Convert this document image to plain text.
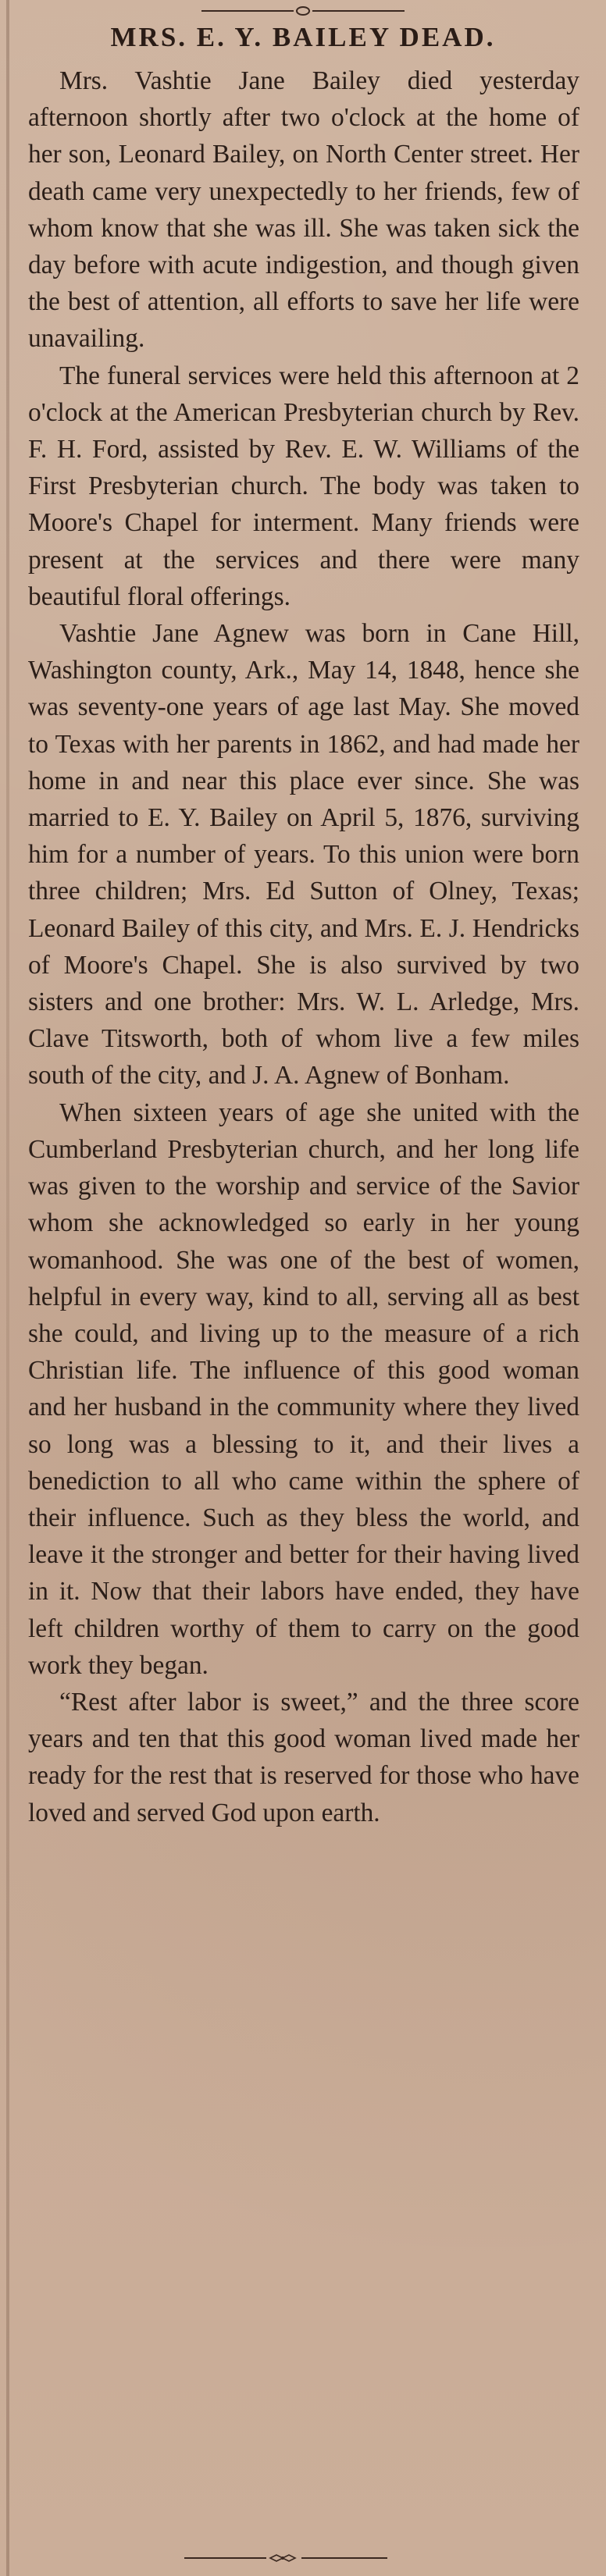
MRS. E. Y. BAILEY DEAD.

Mrs. Vashtie Jane Bailey died yesterday afternoon shortly after two o'clock at the home of her son, Leonard Bailey, on North Center street. Her death came very unexpectedly to her friends, few of whom know that she was ill. She was taken sick the day before with acute indigestion, and though given the best of attention, all efforts to save her life were unavailing.

The funeral services were held this afternoon at 2 o'clock at the American Presbyterian church by Rev. F. H. Ford, assisted by Rev. E. W. Williams of the First Presbyterian church. The body was taken to Moore's Chapel for interment. Many friends were present at the services and there were many beautiful floral offerings.

Vashtie Jane Agnew was born in Cane Hill, Washington county, Ark., May 14, 1848, hence she was seventy-one years of age last May. She moved to Texas with her parents in 1862, and had made her home in and near this place ever since. She was married to E. Y. Bailey on April 5, 1876, surviving him for a number of years. To this union were born three children; Mrs. Ed Sutton of Olney, Texas; Leonard Bailey of this city, and Mrs. E. J. Hendricks of Moore's Chapel. She is also survived by two sisters and one brother: Mrs. W. L. Arledge, Mrs. Clave Titsworth, both of whom live a few miles south of the city, and J. A. Agnew of Bonham.

When sixteen years of age she united with the Cumberland Presbyterian church, and her long life was given to the worship and service of the Savior whom she acknowledged so early in her young womanhood. She was one of the best of women, helpful in every way, kind to all, serving all as best she could, and living up to the measure of a rich Christian life. The influence of this good woman and her husband in the community where they lived so long was a blessing to it, and their lives a benediction to all who came within the sphere of their influence. Such as they bless the world, and leave it the stronger and better for their having lived in it. Now that their labors have ended, they have left children worthy of them to carry on the good work they began.

“Rest after labor is sweet,” and the three score years and ten that this good woman lived made her ready for the rest that is reserved for those who have loved and served God upon earth.
